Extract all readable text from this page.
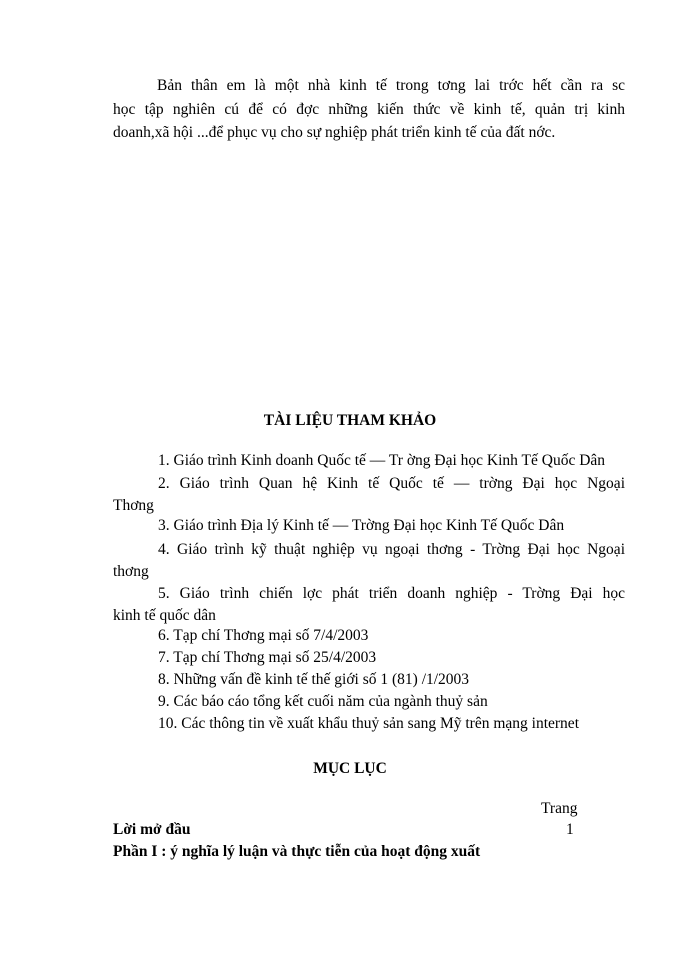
Bản thân em là một nhà kinh tế trong tơng lai trớc hết cần ra sc
học tập nghiên cú để có đợc những kiến thức về kinh tế, quản trị kinh
doanh,xã hội ...để phục vụ cho sự nghiệp phát triển kinh tế của đất nớc.
TÀI LIỆU THAM KHẢO
1. Giáo trình Kinh doanh Quốc tế — Tr ờng Đại học Kinh Tế Quốc Dân
2. Giáo trình Quan hệ Kinh tế Quốc tế — trờng Đại học Ngoại
Thơng
3. Giáo trình Địa lý Kinh tế — Trờng Đại học Kinh Tế Quốc Dân
4. Giáo trình kỹ thuật nghiệp vụ ngoại thơng - Trờng Đại học Ngoại
thơng
5. Giáo trình chiến lợc phát triển doanh nghiệp - Trờng Đại học
kinh tế quốc dân
6. Tạp chí Thơng mại số 7/4/2003
7. Tạp chí Thơng mại số 25/4/2003
8. Những vấn đề kinh tế thế giới số 1 (81) /1/2003
9. Các báo cáo tổng kết cuối năm của ngành thuỷ sản
10. Các thông tin về xuất khẩu thuỷ sản sang Mỹ trên mạng internet
MỤC LỤC
Trang
Lời mở đầu	1
Phần I : ý nghĩa lý luận và thực tiễn của hoạt động xuất
